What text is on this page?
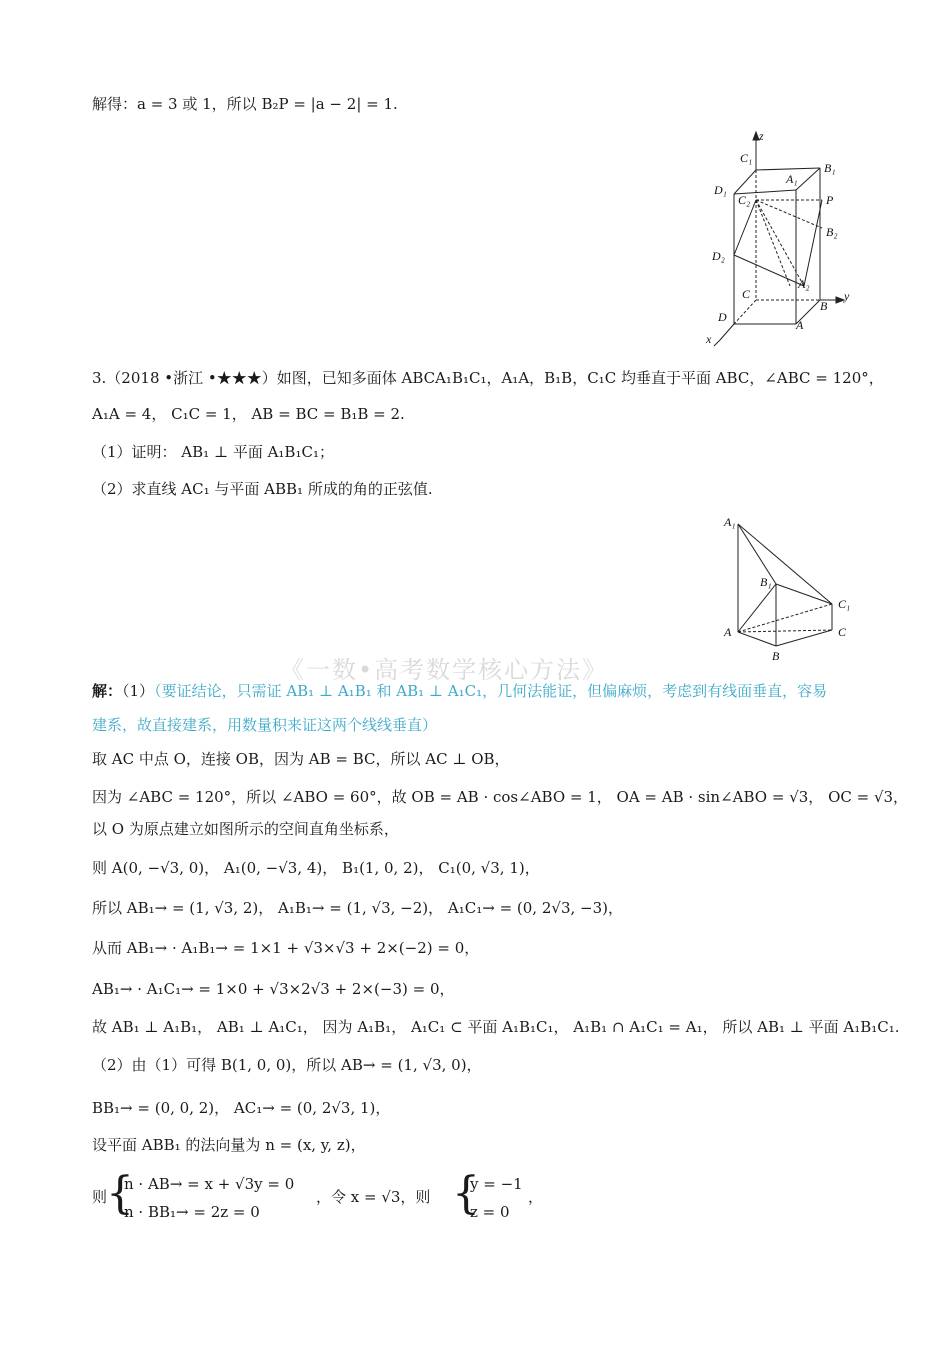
解得：a = 3 或 1，所以 B₂P = |a − 2| = 1.
z
C₁
B₁
A₁
D₁
C₂	P
B₂
D₂
A₂
C	y
B
D
A
x
3.（2018 •浙江 •★★★）如图，已知多面体 ABCA₁B₁C₁，A₁A，B₁B，C₁C 均垂直于平面 ABC，∠ABC = 120°，
A₁A = 4， C₁C = 1， AB = BC = B₁B = 2.
（1）证明： AB₁ ⊥ 平面 A₁B₁C₁；
（2）求直线 AC₁ 与平面 ABB₁ 所成的角的正弦值.
A₁
B₁
C₁
A	C
B
《一数•高考数学核心方法》
解：（1）（要证结论，只需证 AB₁ ⊥ A₁B₁ 和 AB₁ ⊥ A₁C₁，几何法能证，但偏麻烦，考虑到有线面垂直，容易
建系，故直接建系，用数量积来证这两个线线垂直）
取 AC 中点 O，连接 OB，因为 AB = BC，所以 AC ⊥ OB，
因为 ∠ABC = 120°，所以 ∠ABO = 60°，故 OB = AB · cos∠ABO = 1， OA = AB · sin∠ABO = √3， OC = √3，
以 O 为原点建立如图所示的空间直角坐标系，
则 A(0, −√3, 0)， A₁(0, −√3, 4)， B₁(1, 0, 2)， C₁(0, √3, 1)，
所以 AB₁→ = (1, √3, 2)， A₁B₁→ = (1, √3, −2)， A₁C₁→ = (0, 2√3, −3)，
从而 AB₁→ · A₁B₁→ = 1×1 + √3×√3 + 2×(−2) = 0，
AB₁→ · A₁C₁→ = 1×0 + √3×2√3 + 2×(−3) = 0，
故 AB₁ ⊥ A₁B₁， AB₁ ⊥ A₁C₁， 因为 A₁B₁， A₁C₁ ⊂ 平面 A₁B₁C₁， A₁B₁ ∩ A₁C₁ = A₁， 所以 AB₁ ⊥ 平面 A₁B₁C₁.
（2）由（1）可得 B(1, 0, 0)，所以 AB→ = (1, √3, 0)，
BB₁→ = (0, 0, 2)， AC₁→ = (0, 2√3, 1)，
设平面 ABB₁ 的法向量为 n = (x, y, z)，
则
{
n · AB→ = x + √3y = 0
n · BB₁→ = 2z = 0
，令 x = √3，则 {
y = −1
z = 0
，
